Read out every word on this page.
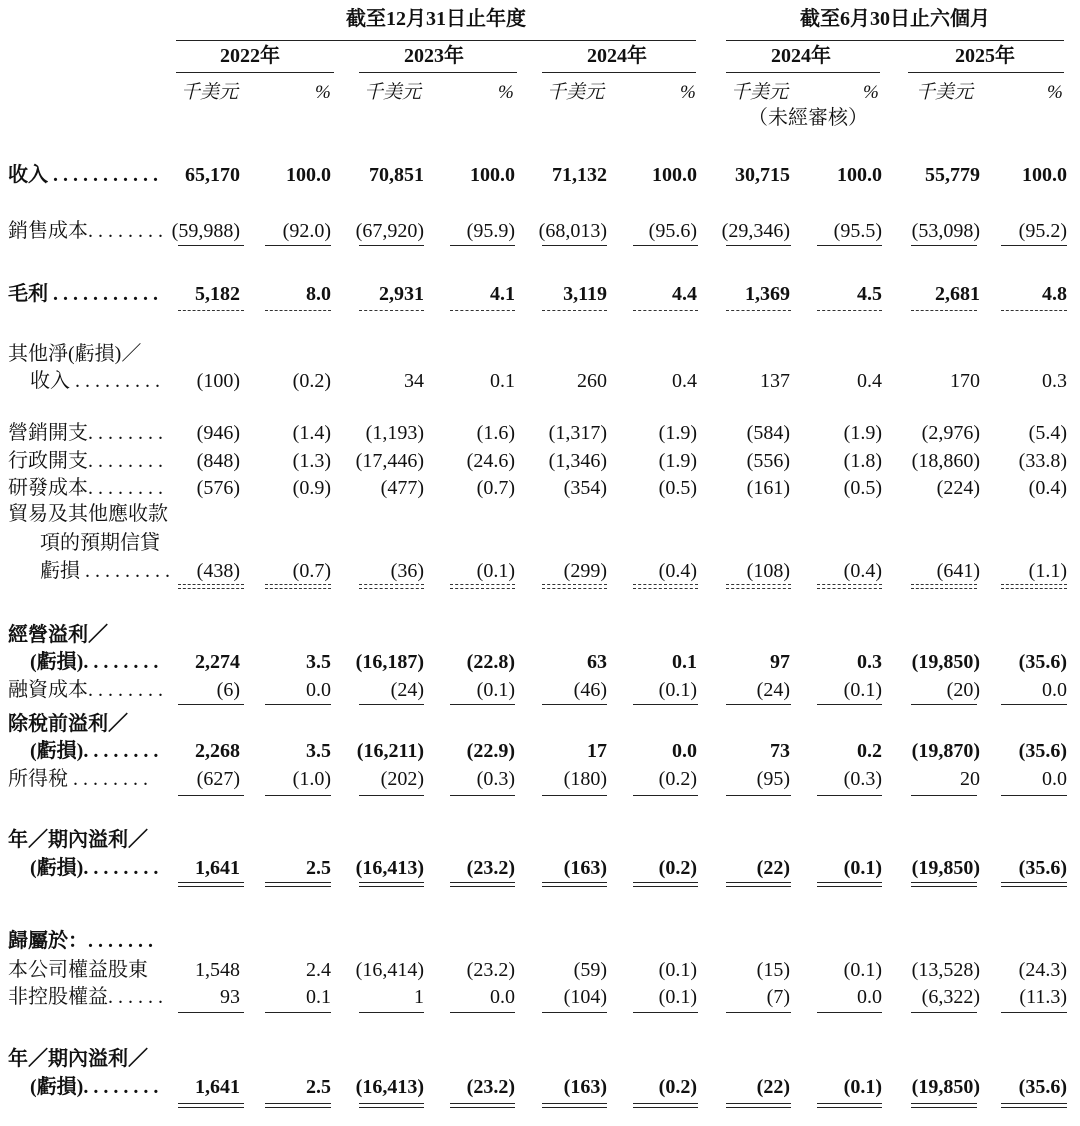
截至12月31日止年度	截至6月30日止六個月
2022年
千美元	%
2023年
千美元	%
2024年
千美元	%
2024年
千美元	%
2025年
千美元	%
（未經審核）
收入 . . . . . . . . . . .	65,170	100.0	70,851	100.0	71,132	100.0	30,715	100.0	55,779	100.0
銷售成本. . . . . . . . (59,988)	(92.0)	(67,920)	(95.9)	(68,013)	(95.6)	(29,346)	(95.5)	(53,098)	(95.2)
毛利 . . . . . . . . . . .	5,182	8.0	2,931	4.1	3,119	4.4	1,369	4.5	2,681	4.8
其他淨(虧損)／
收入 . . . . . . . . .	(100)	(0.2)	34	0.1	260	0.4	137	0.4	170	0.3
營銷開支. . . . . . . .	(946)	(1.4)	(1,193)	(1.6)	(1,317)	(1.9)	(584)	(1.9)	(2,976)	(5.4)
行政開支. . . . . . . .	(848)	(1.3)	(17,446)	(24.6)	(1,346)	(1.9)	(556)	(1.8)	(18,860)	(33.8)
研發成本. . . . . . . .	(576)	(0.9)	(477)	(0.7)	(354)	(0.5)	(161)	(0.5)	(224)	(0.4)
貿易及其他應收款
項的預期信貸
虧損 . . . . . . . . .	(438)	(0.7)	(36)	(0.1)	(299)	(0.4)	(108)	(0.4)	(641)	(1.1)
經營溢利／
(虧損). . . . . . . .	2,274	3.5	(16,187)	(22.8)	63	0.1	97	0.3	(19,850)	(35.6)
融資成本. . . . . . . .	(6)	0.0	(24)	(0.1)	(46)	(0.1)	(24)	(0.1)	(20)	0.0
除稅前溢利／
(虧損). . . . . . . .	2,268	3.5	(16,211)	(22.9)	17	0.0	73	0.2	(19,870)	(35.6)
所得稅 . . . . . . . .	(627)	(1.0)	(202)	(0.3)	(180)	(0.2)	(95)	(0.3)	20	0.0
年／期內溢利／
(虧損). . . . . . . .	1,641	2.5	(16,413)	(23.2)	(163)	(0.2)	(22)	(0.1)	(19,850)	(35.6)
歸屬於：. . . . . . .
本公司權益股東	1,548	2.4	(16,414)	(23.2)	(59)	(0.1)	(15)	(0.1)	(13,528)	(24.3)
非控股權益. . . . . .	93	0.1	1	0.0	(104)	(0.1)	(7)	0.0	(6,322)	(11.3)
年／期內溢利／
(虧損). . . . . . . .	1,641	2.5	(16,413)	(23.2)	(163)	(0.2)	(22)	(0.1)	(19,850)	(35.6)
